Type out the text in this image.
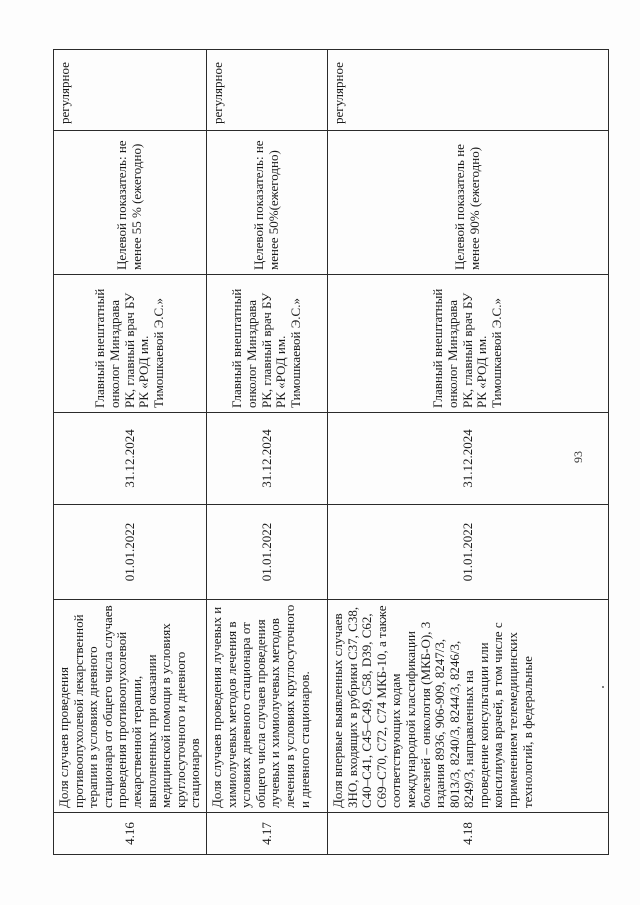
4.16	Доля случаев проведения противоопухолевой лекарственной терапии в условиях дневного стационара от общего числа случаев проведения противоопухолевой лекарственной терапии, выполненных при оказании медицинской помощи в условиях круглосуточного и дневного стационаров	01.01.2022	31.12.2024	Главный внештатный онколог Минздрава РК, главный врач БУ РК «РОД им. Тимошкаевой Э.С.»	Целевой показатель: не менее 55 % (ежегодно)	регулярное
4.17	Доля случаев проведения лучевых и химиолучевых методов лечения в условиях дневного стационара от общего числа случаев проведения лучевых и химиолучевых методов лечения в условиях круглосуточного и дневного стационаров.	01.01.2022	31.12.2024	Главный внештатный онколог Минздрава РК, главный врач БУ РК «РОД им. Тимошкаевой Э.С.»	Целевой показатель: не менее 50%(ежегодно)	регулярное
4.18	Доля впервые выявленных случаев ЗНО, входящих в рубрики С37, С38, С40–С41, С45–С49, С58, D39, С62, С69–С70, С72, С74 МКБ-10, а также соответствующих кодам международной классификации болезней – онкология (МКБ-О), 3 издания 8936, 906-909, 8247/3, 8013/3, 8240/3, 8244/3, 8246/3, 8249/3, направленных на проведение консультации или консилиума врачей, в том числе с применением телемедицинских технологий, в федеральные	01.01.2022	31.12.2024	Главный внештатный онколог Минздрава РК, главный врач БУ РК «РОД им. Тимошкаевой Э.С.»	Целевой показатель не менее 90% (ежегодно)	регулярное
93
